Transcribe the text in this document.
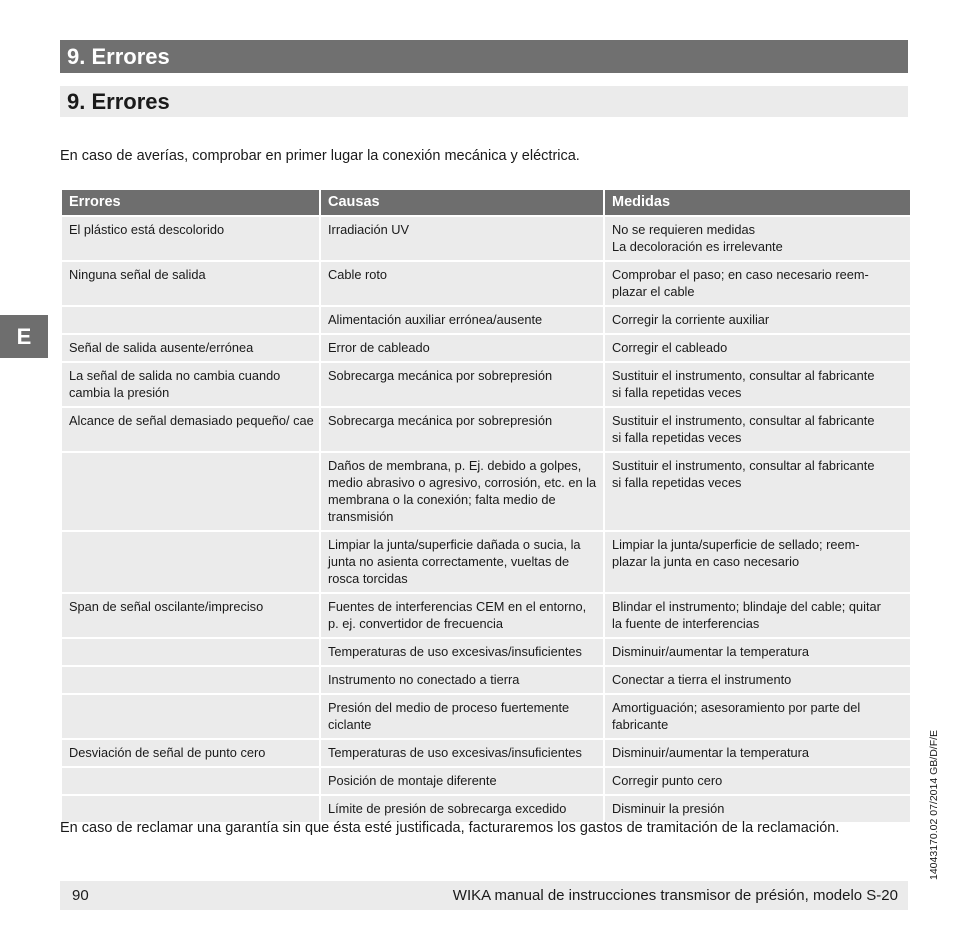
9. Errores
9. Errores
En caso de averías, comprobar en primer lugar la conexión mecánica y eléctrica.
E
Errores	Causas	Medidas
El plástico está descolorido	Irradiación UV	No se requieren medidas
La decoloración es irrelevante

Ninguna señal de salida	Cable roto	Comprobar el paso; en caso necesario reem-
plazar el cable

	Alimentación auxiliar errónea/ausente	Corregir la corriente auxiliar

Señal de salida ausente/errónea	Error de cableado	Corregir el cableado

La señal de salida no cambia cuando cambia la presión	Sobrecarga mecánica por sobrepresión	Sustituir el instrumento, consultar al fabricante
si falla repetidas veces

Alcance de señal demasiado pequeño/ cae	Sobrecarga mecánica por sobrepresión	Sustituir el instrumento, consultar al fabricante
si falla repetidas veces

	Daños de membrana, p. Ej. debido a golpes, medio abrasivo o agresivo, corrosión, etc. en la membrana o la conexión; falta medio de transmisión	Sustituir el instrumento, consultar al fabricante
si falla repetidas veces

	Limpiar la junta/superficie dañada o sucia, la junta no asienta correctamente, vueltas de rosca torcidas	Limpiar la junta/superficie de sellado; reem-
plazar la junta en caso necesario

Span de señal oscilante/impreciso	Fuentes de interferencias CEM en el entorno, p. ej. convertidor de frecuencia	Blindar el instrumento; blindaje del cable; quitar
la fuente de interferencias

	Temperaturas de uso excesivas/insuficientes	Disminuir/aumentar la temperatura

	Instrumento no conectado a tierra	Conectar a tierra el instrumento

	Presión del medio de proceso fuertemente ciclante	Amortiguación; asesoramiento por parte del
fabricante

Desviación de señal de punto cero	Temperaturas de uso excesivas/insuficientes	Disminuir/aumentar la temperatura

	Posición de montaje diferente	Corregir punto cero

	Límite de presión de sobrecarga excedido	Disminuir la presión
En caso de reclamar una garantía sin que ésta esté justificada, facturaremos los gastos de tramitación de la reclamación.
90	WIKA manual de instrucciones transmisor de présión, modelo S-20
14043170.02 07/2014 GB/D/F/E
